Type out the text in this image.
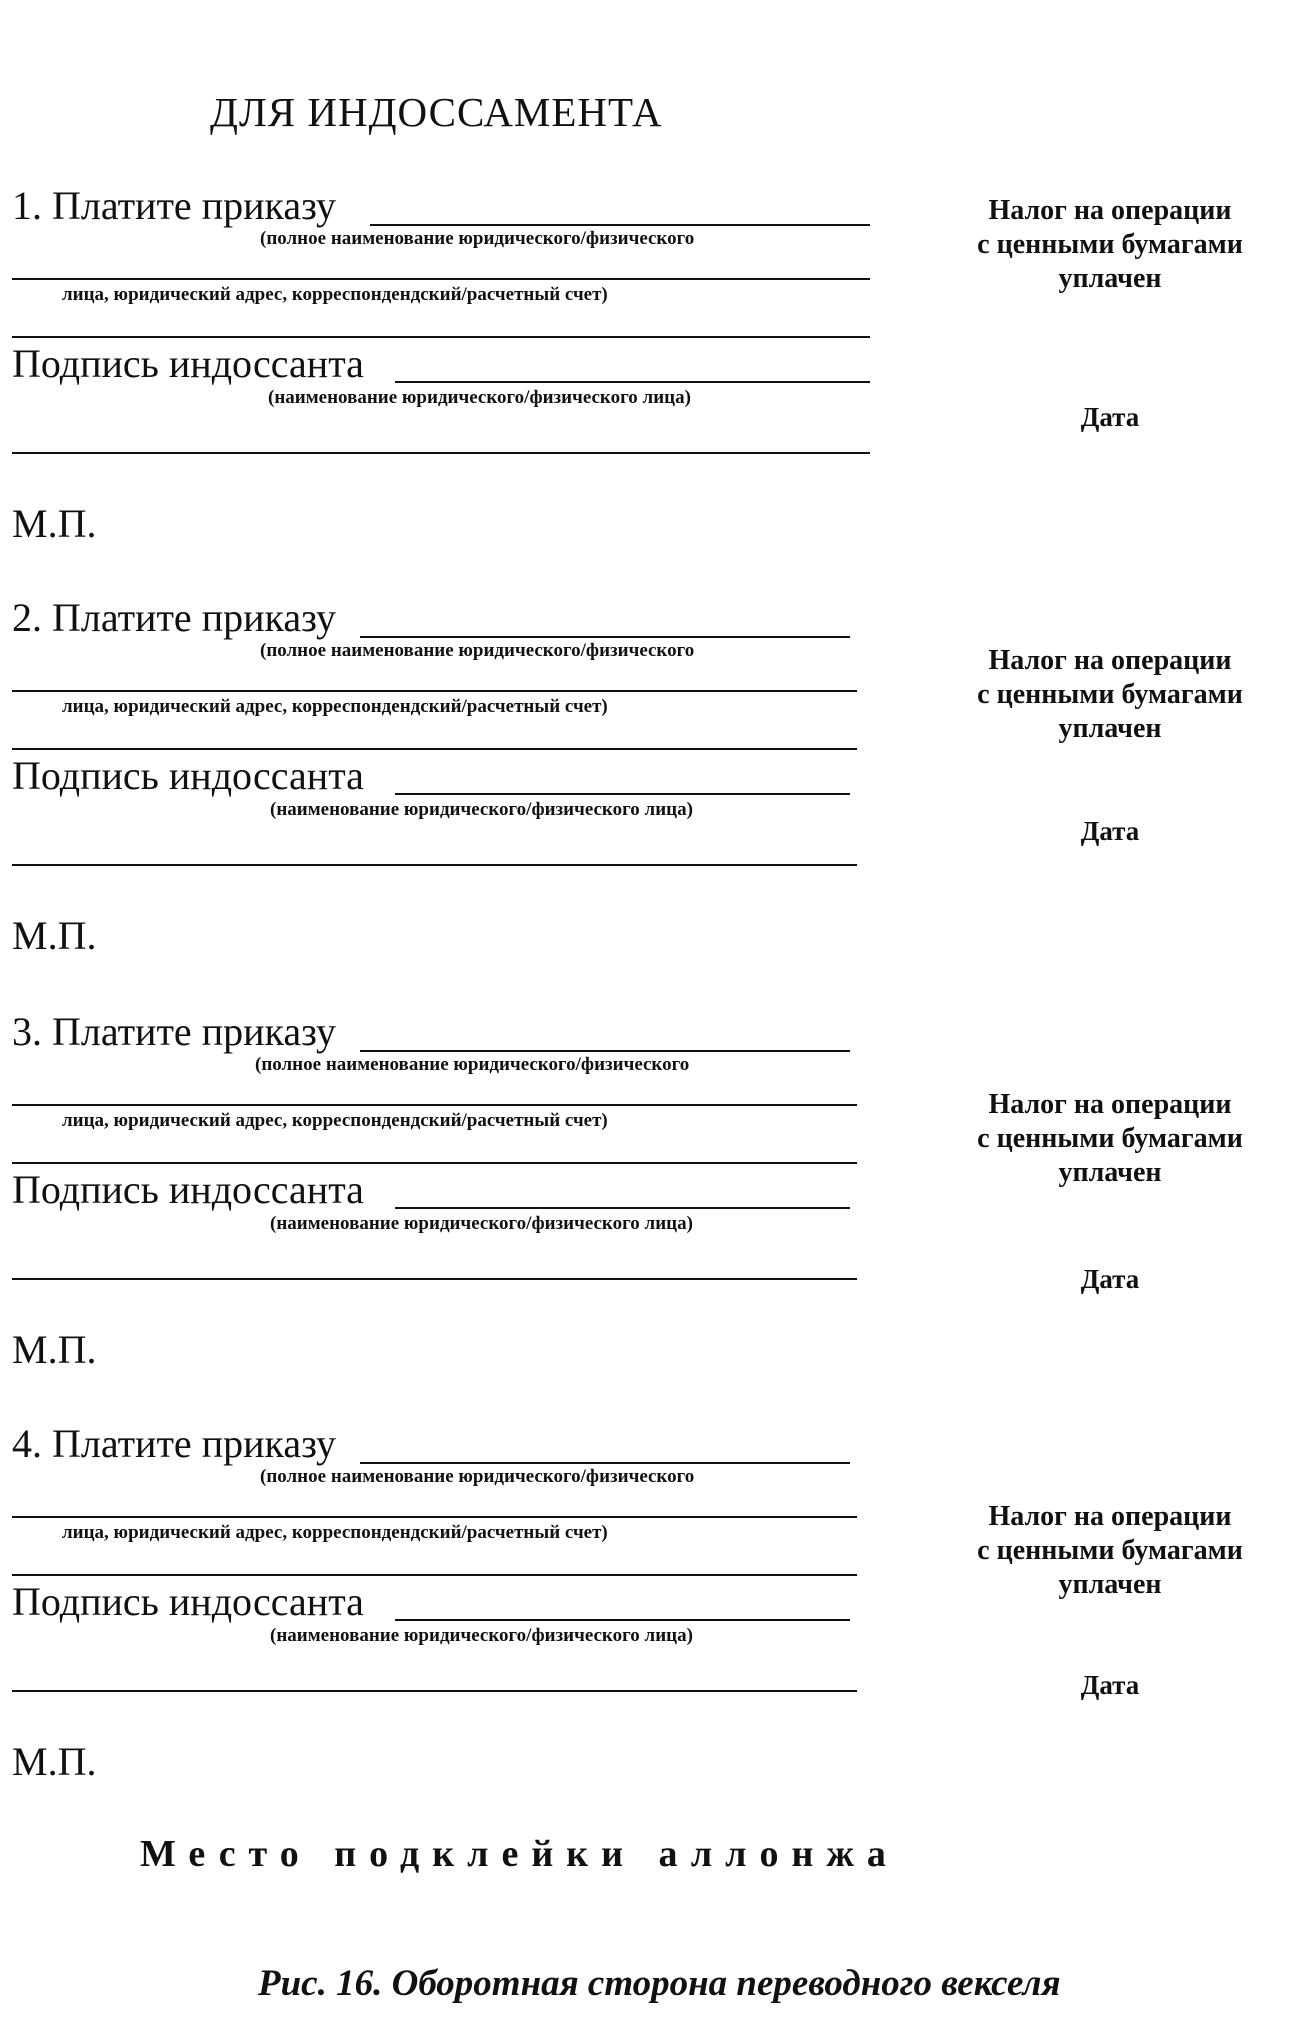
ДЛЯ ИНДОССАМЕНТА
1. Платите приказу
(полное наименование юридического/физического
лица, юридический адрес, корреспондендский/расчетный счет)
Подпись индоссанта
(наименование юридического/физического лица)
М.П.
Налог на операции
с ценными бумагами
уплачен
Дата
2. Платите приказу
(полное наименование юридического/физического
лица, юридический адрес, корреспондендский/расчетный счет)
Подпись индоссанта
(наименование юридического/физического лица)
М.П.
Налог на операции
с ценными бумагами
уплачен
Дата
3. Платите приказу
(полное наименование юридического/физического
лица, юридический адрес, корреспондендский/расчетный счет)
Подпись индоссанта
(наименование юридического/физического лица)
М.П.
Налог на операции
с ценными бумагами
уплачен
Дата
4. Платите приказу
(полное наименование юридического/физического
лица, юридический адрес, корреспондендский/расчетный счет)
Подпись индоссанта
(наименование юридического/физического лица)
М.П.
Налог на операции
с ценными бумагами
уплачен
Дата
Место подклейки аллонжа
Рис. 16. Оборотная сторона переводного векселя
